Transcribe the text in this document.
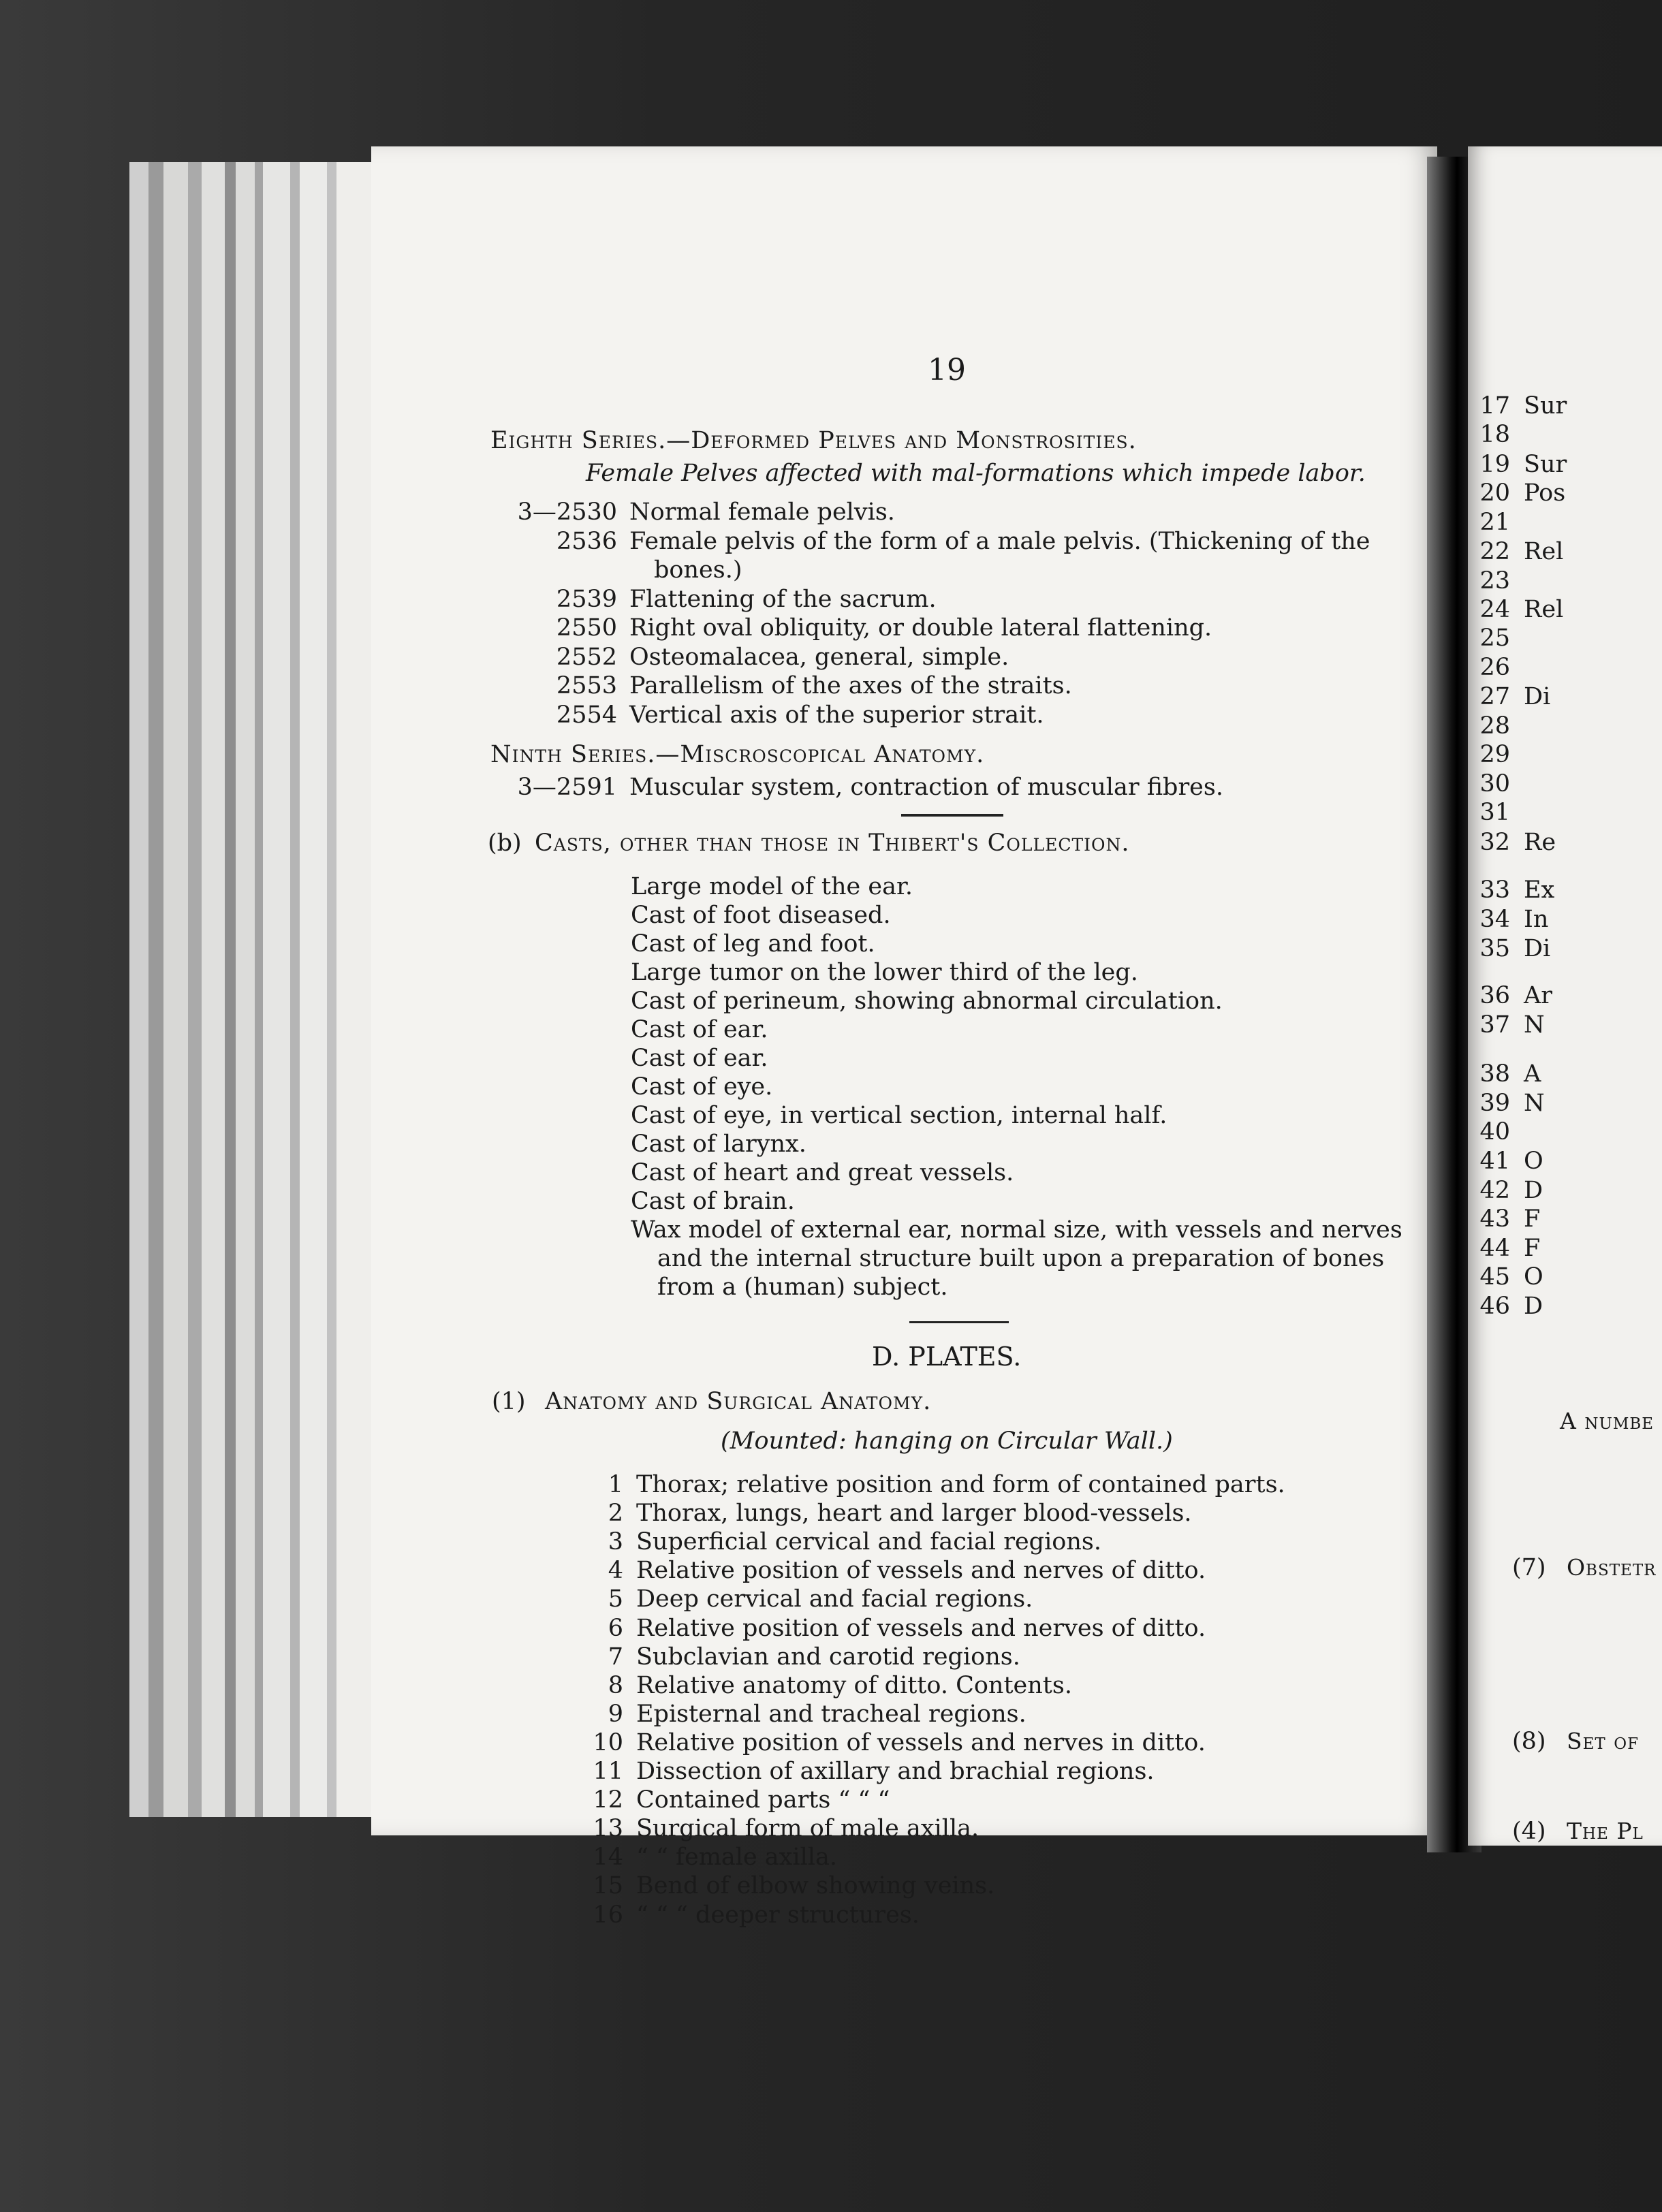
19
Eighth Series.—Deformed Pelves and Monstrosities.
Female Pelves affected with mal-formations which impede labor.
3—2530 Normal female pelvis.
2536 Female pelvis of the form of a male pelvis. (Thickening of the
bones.)
2539 Flattening of the sacrum.
2550 Right oval obliquity, or double lateral flattening.
2552 Osteomalacea, general, simple.
2553 Parallelism of the axes of the straits.
2554 Vertical axis of the superior strait.
Ninth Series.—Miscroscopical Anatomy.
3—2591 Muscular system, contraction of muscular fibres.
(b) Casts, other than those in Thibert's Collection.
Large model of the ear.
Cast of foot diseased.
Cast of leg and foot.
Large tumor on the lower third of the leg.
Cast of perineum, showing abnormal circulation.
Cast of ear.
Cast of ear.
Cast of eye.
Cast of eye, in vertical section, internal half.
Cast of larynx.
Cast of heart and great vessels.
Cast of brain.
Wax model of external ear, normal size, with vessels and nerves
and the internal structure built upon a preparation of bones
from a (human) subject.
D. PLATES.
(1) Anatomy and Surgical Anatomy.
(Mounted: hanging on Circular Wall.)
1 Thorax; relative position and form of contained parts.
2 Thorax, lungs, heart and larger blood-vessels.
3 Superficial cervical and facial regions.
4 Relative position of vessels and nerves of ditto.
5 Deep cervical and facial regions.
6 Relative position of vessels and nerves of ditto.
7 Subclavian and carotid regions.
8 Relative anatomy of ditto. Contents.
9 Episternal and tracheal regions.
10 Relative position of vessels and nerves in ditto.
11 Dissection of axillary and brachial regions.
12 Contained parts “ “ “
13 Surgical form of male axilla.
14 “ “ female axilla.
15 Bend of elbow showing veins.
16 “ “ “ deeper structures.
17 Sur
18
19 Sur
20 Pos
21
22 Rel
23
24 Rel
25
26
27 Di
28
29
30
31
32 Re
33 Ex
34 In
35 Di
36 Ar
37 N
38 A
39 N
40
41 O
42 D
43 F
44 F
45 O
46 D
A numbe
(7) Obstetr
(8) Set of
(4) The Pl
